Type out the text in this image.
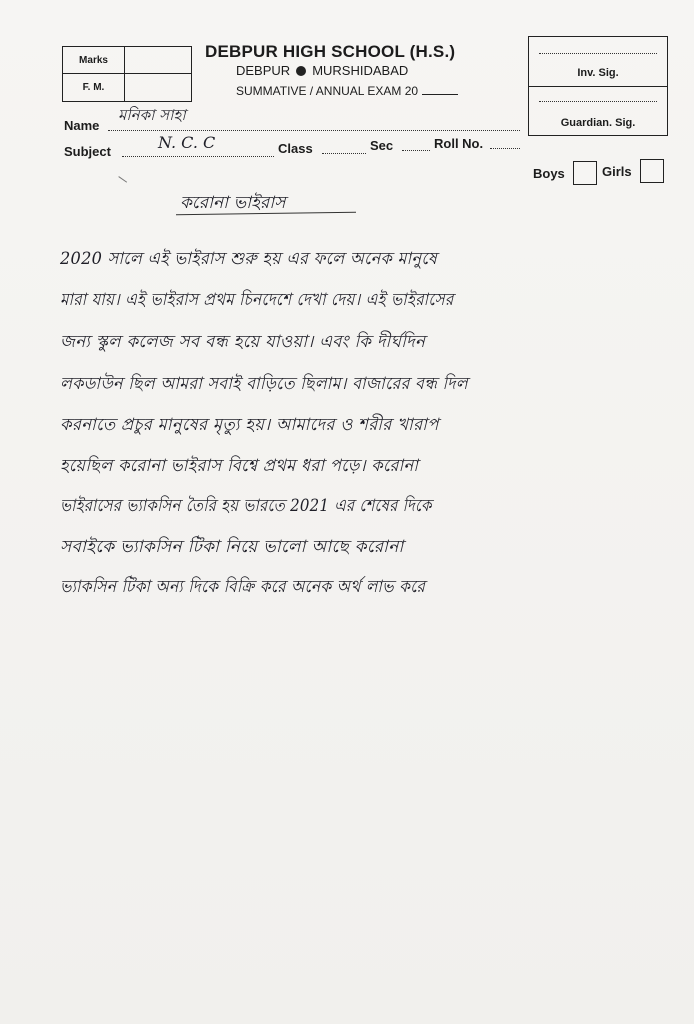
Marks
F. M.
DEBPUR HIGH SCHOOL (H.S.)
DEBPUR MURSHIDABAD
SUMMATIVE / ANNUAL EXAM 20
Inv. Sig.
Guardian. Sig.
Name
মনিকা সাহা
Subject	N. C. C	Class	Sec	Roll No.
Boys	Girls
করোনা ভাইরাস
2020 সালে এই ভাইরাস শুরু হয় এর ফলে অনেক মানুষে
মারা যায়। এই ভাইরাস প্রথম চিনদেশে দেখা দেয়। এই ভাইরাসের
জন্য স্কুল কলেজ সব বন্ধ হয়ে যাওয়া। এবং কি দীর্ঘদিন
লকডাউন ছিল আমরা সবাই বাড়িতে ছিলাম। বাজারের বন্ধ দিল
করনাতে প্রচুর মানুষের মৃত্যু হয়। আমাদের ও শরীর খারাপ
হয়েছিল করোনা ভাইরাস বিশ্বে প্রথম ধরা পড়ে। করোনা
ভাইরাসের ভ্যাকসিন তৈরি হয় ভারতে 2021 এর শেষের দিকে
সবাইকে ভ্যাকসিন টিকা নিয়ে ভালো আছে করোনা
ভ্যাকসিন টিকা অন্য দিকে বিক্রি করে অনেক অর্থ লাভ করে
